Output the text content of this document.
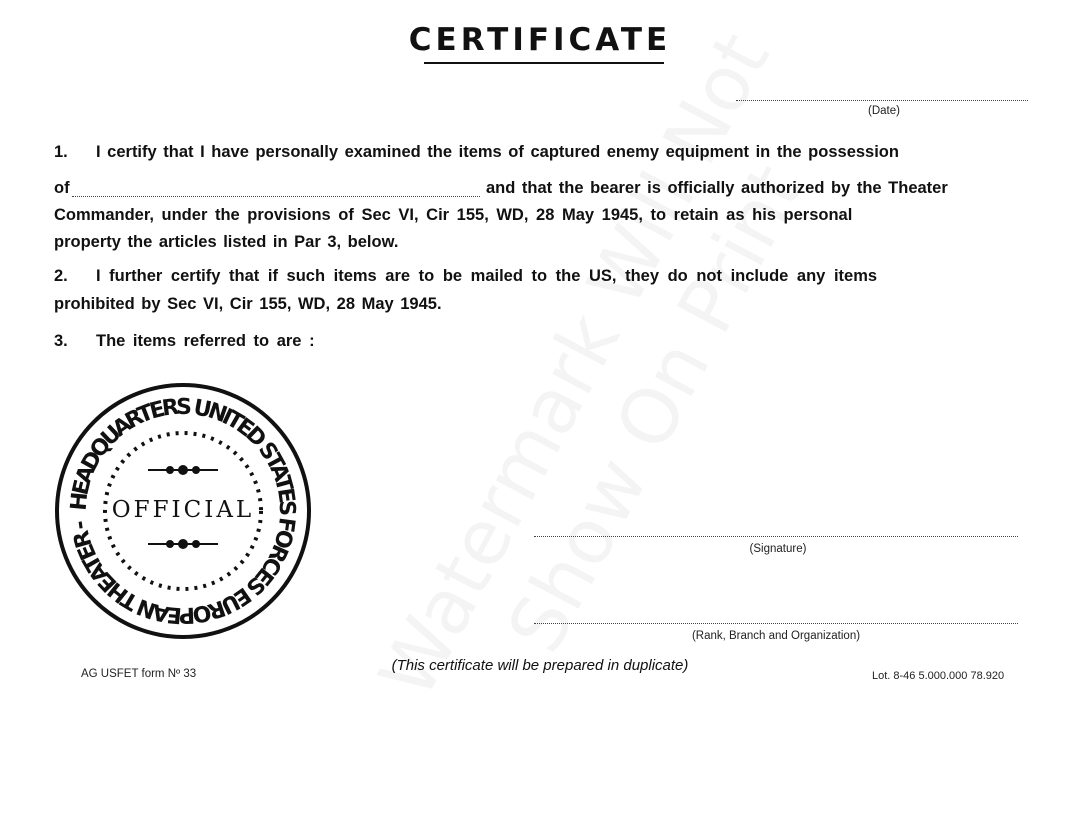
CERTIFICATE
(Date)
1. I certify that I have personally examined the items of captured enemy equipment in the possession
of	and that the bearer is officially authorized by the Theater
Commander, under the provisions of Sec VI, Cir 155, WD, 28 May 1945, to retain as his personal
property the articles listed in Par 3, below.
2. I further certify that if such items are to be mailed to the US, they do not include any items
prohibited by Sec VI, Cir 155, WD, 28 May 1945.
3. The items referred to are :
HEADQUARTERS UNITED STATES FORCES EUROPEAN THEATER -
OFFICIAL
(Signature)
(Rank, Branch and Organization)
AG USFET form Nº 33	(This certificate will be prepared in duplicate)
Lot. 8-46 5.000.000 78.920
